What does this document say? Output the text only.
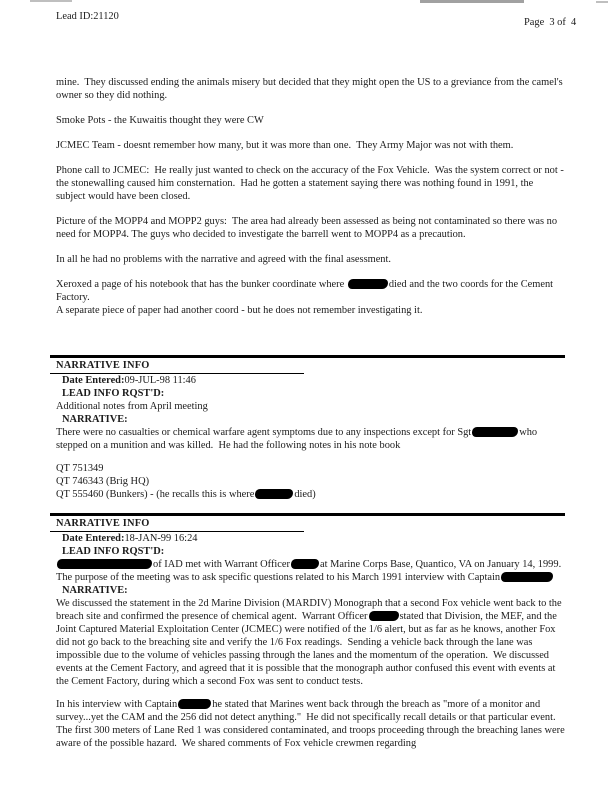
Lead ID:21120
Page  3 of  4
mine.  They discussed ending the animals misery but decided that they might open the US to a greviance from the camel's owner so they did nothing.
Smoke Pots - the Kuwaitis thought they were CW
JCMEC Team - doesnt remember how many, but it was more than one.  They Army Major was not with them.
Phone call to JCMEC:  He really just wanted to check on the accuracy of the Fox Vehicle.  Was the system correct or not - the stonewalling caused him consternation.  Had he gotten a statement saying there was nothing found in 1991, the subject would have been closed.
Picture of the MOPP4 and MOPP2 guys:  The area had already been assessed as being not contaminated so there was no need for MOPP4. The guys who decided to investigate the barrell went to MOPP4 as a precaution.
In all he had no problems with the narrative and agreed with the final asessment.
Xeroxed a page of his notebook that has the bunker coordinate where	died and the two coords for the Cement Factory.
A separate piece of paper had another coord - but he does not remember investigating it.
NARRATIVE INFO
Date Entered:09-JUL-98 11:46
LEAD INFO RQST'D:
Additional notes from April meeting
NARRATIVE:
There were no casualties or chemical warfare agent symptoms due to any inspections except for Sgt	who stepped on a munition and was killed.  He had the following notes in his note book
QT 751349
QT 746343 (Brig HQ)
QT 555460 (Bunkers) - (he recalls this is where	died)
NARRATIVE INFO
Date Entered:18-JAN-99 16:24
LEAD INFO RQST'D:
of IAD met with Warrant Officer	at Marine Corps Base, Quantico, VA on January 14, 1999.  The purpose of the meeting was to ask specific questions related to his March 1991 interview with Captain
NARRATIVE:
We discussed the statement in the 2d Marine Division (MARDIV) Monograph that a second Fox vehicle went back to the breach site and confirmed the presence of chemical agent.  Warrant Officer	stated that Division, the MEF, and the Joint Captured Material Exploitation Center (JCMEC) were notified of the 1/6 alert, but as far as he knows, another Fox did not go back to the breaching site and verify the 1/6 Fox readings.  Sending a vehicle back through the lane was impossible due to the volume of vehicles passing through the lanes and the momentum of the operation.  We discussed events at the Cement Factory, and agreed that it is possible that the monograph author confused this event with events at the Cement Factory, during which a second Fox was sent to conduct tests.
In his interview with Captain	he stated that Marines went back through the breach as "more of a monitor and survey...yet the CAM and the 256 did not detect anything."  He did not specifically recall details or that particular event.  The first 300 meters of Lane Red 1 was considered contaminated, and troops proceeding through the breaching lanes were aware of the possible hazard.  We shared comments of Fox vehicle crewmen regarding
